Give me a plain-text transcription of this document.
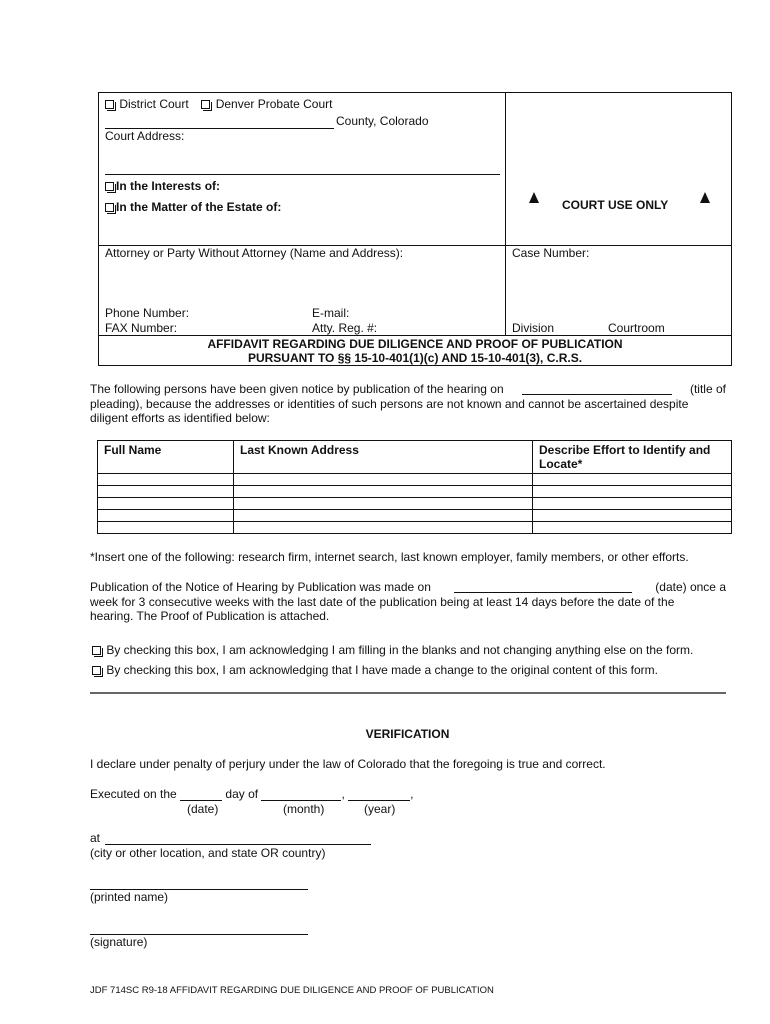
District Court Denver Probate Court
County, Colorado
Court Address:
In the Interests of:
In the Matter of the Estate of:	COURT USE ONLY
Attorney or Party Without Attorney (Name and Address):	Case Number:
Phone Number:	E-mail:
FAX Number:	Atty. Reg. #:	Division	Courtroom
AFFIDAVIT REGARDING DUE DILIGENCE AND PROOF OF PUBLICATION
PURSUANT TO §§ 15-10-401(1)(c) AND 15-10-401(3), C.R.S.
The following persons have been given notice by publication of the hearing on	(title of
pleading), because the addresses or identities of such persons are not known and cannot be ascertained despite
diligent efforts as identified below:
Full Name	Last Known Address	Describe Effort to Identify and Locate*

*Insert one of the following: research firm, internet search, last known employer, family members, or other efforts.
Publication of the Notice of Hearing by Publication was made on	(date) once a
week for 3 consecutive weeks with the last date of the publication being at least 14 days before the date of the
hearing. The Proof of Publication is attached.
By checking this box, I am acknowledging I am filling in the blanks and not changing anything else on the form.
By checking this box, I am acknowledging that I have made a change to the original content of this form.
VERIFICATION
I declare under penalty of perjury under the law of Colorado that the foregoing is true and correct.
Executed on the	day of	,	,
(date)	(month)	(year)
at
(city or other location, and state OR country)
(printed name)
(signature)
JDF 714SC R9-18 AFFIDAVIT REGARDING DUE DILIGENCE AND PROOF OF PUBLICATION
